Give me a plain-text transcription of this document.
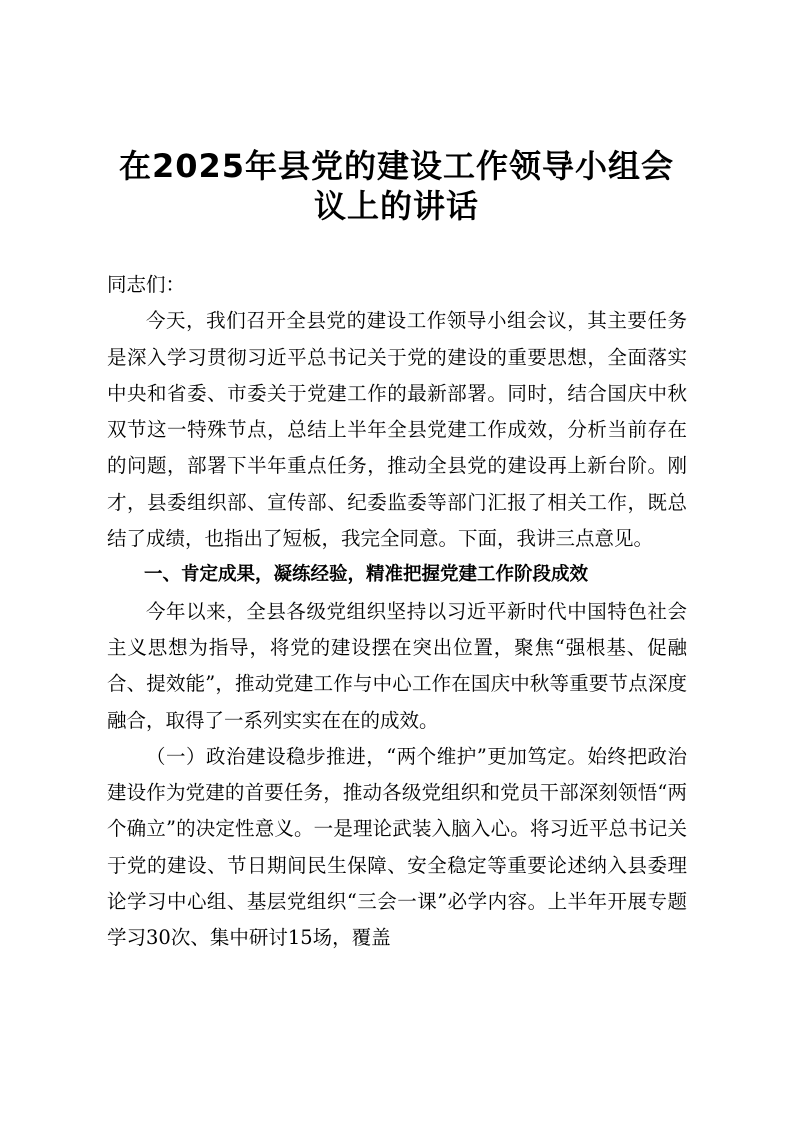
在2025年县党的建设工作领导小组会
议上的讲话

同志们：

今天，我们召开全县党的建设工作领导小组会议，其主要任务是深入学习贯彻习近平总书记关于党的建设的重要思想，全面落实中央和省委、市委关于党建工作的最新部署。同时，结合国庆中秋双节这一特殊节点，总结上半年全县党建工作成效，分析当前存在的问题，部署下半年重点任务，推动全县党的建设再上新台阶。刚才，县委组织部、宣传部、纪委监委等部门汇报了相关工作，既总结了成绩，也指出了短板，我完全同意。下面，我讲三点意见。

一、肯定成果，凝练经验，精准把握党建工作阶段成效

今年以来，全县各级党组织坚持以习近平新时代中国特色社会主义思想为指导，将党的建设摆在突出位置，聚焦“强根基、促融合、提效能”，推动党建工作与中心工作在国庆中秋等重要节点深度融合，取得了一系列实实在在的成效。

（一）政治建设稳步推进，“两个维护”更加笃定。始终把政治建设作为党建的首要任务，推动各级党组织和党员干部深刻领悟“两个确立”的决定性意义。一是理论武装入脑入心。将习近平总书记关于党的建设、节日期间民生保障、安全稳定等重要论述纳入县委理论学习中心组、基层党组织“三会一课”必学内容。上半年开展专题学习30次、集中研讨15场，覆盖
